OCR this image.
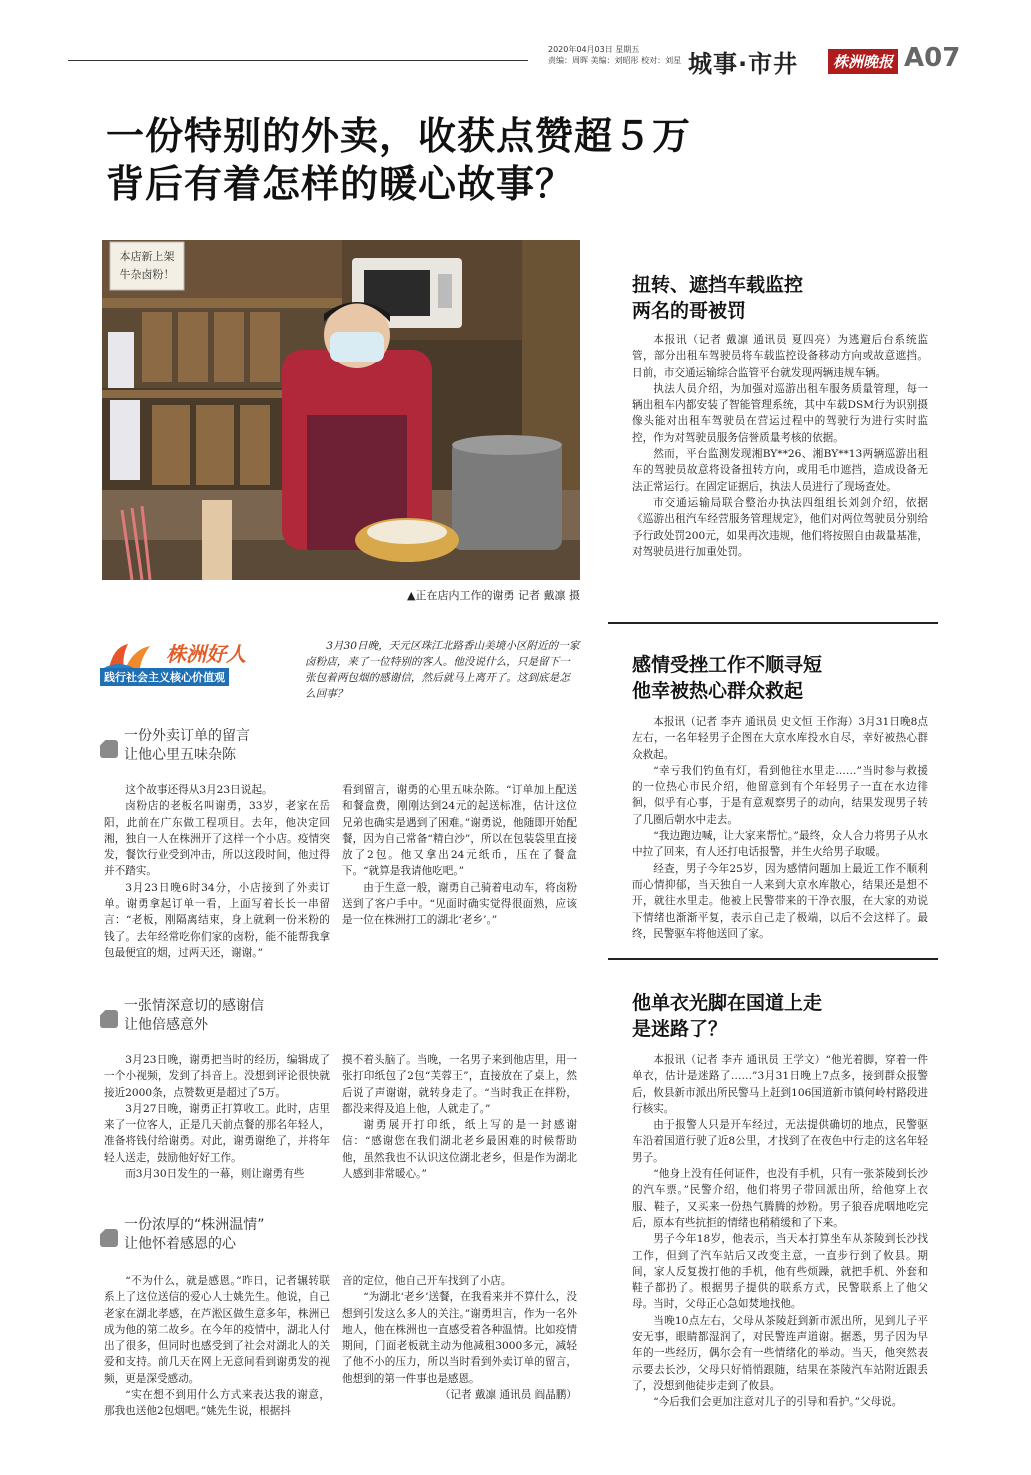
2020年04月03日 星期五
责编：周晖 美编：刘昭彤 校对：刘星 城事·市井	株洲晚报 A07
一份特别的外卖，收获点赞超５万
背后有着怎样的暖心故事？
本店新上架
牛杂卤粉！
▲正在店内工作的谢勇 记者 戴凛 摄
株洲好人
践行社会主义核心价值观

3月30日晚，天元区珠江北路香山美境小区附近的一家卤粉店，来了一位特别的客人。他没说什么，只是留下一张包着两包烟的感谢信，然后就马上离开了。这到底是怎么回事？

一份外卖订单的留言
让他心里五味杂陈

这个故事还得从3月23日说起。

卤粉店的老板名叫谢勇，33岁，老家在岳阳，此前在广东做工程项目。去年，他决定回湘，独自一人在株洲开了这样一个小店。疫情突发，餐饮行业受到冲击，所以这段时间，他过得并不踏实。

3月23日晚6时34分，小店接到了外卖订单。谢勇拿起订单一看，上面写着长长一串留言：“老板，刚隔离结束，身上就剩一份米粉的钱了。去年经常吃你们家的卤粉，能不能帮我拿包最便宜的烟，过两天还，谢谢。”

看到留言，谢勇的心里五味杂陈。“订单加上配送和餐盒费，刚刚达到24元的起送标准，估计这位兄弟也确实是遇到了困难。”谢勇说，他随即开始配餐，因为自己常备“精白沙”，所以在包装袋里直接放了2包。他又拿出24元纸币，压在了餐盒下。“就算是我请他吃吧。”

由于生意一般，谢勇自己骑着电动车，将卤粉送到了客户手中。“见面时确实觉得很面熟，应该是一位在株洲打工的湖北‘老乡’。”

一张情深意切的感谢信
让他倍感意外

3月23日晚，谢勇把当时的经历，编辑成了一个小视频，发到了抖音上。没想到评论很快就接近2000条，点赞数更是超过了5万。

3月27日晚，谢勇正打算收工。此时，店里来了一位客人，正是几天前点餐的那名年轻人，准备将钱付给谢勇。对此，谢勇谢绝了，并将年轻人送走，鼓励他好好工作。

而3月30日发生的一幕，则让谢勇有些

摸不着头脑了。当晚，一名男子来到他店里，用一张打印纸包了2包“芙蓉王”，直接放在了桌上，然后说了声谢谢，就转身走了。“当时我正在拌粉，都没来得及追上他，人就走了。”

谢勇展开打印纸，纸上写的是一封感谢信：“感谢您在我们湖北老乡最困难的时候帮助他，虽然我也不认识这位湖北老乡，但是作为湖北人感到非常暖心。”

一份浓厚的“株洲温情”
让他怀着感恩的心

“不为什么，就是感恩。”昨日，记者辗转联系上了这位送信的爱心人士姚先生。他说，自己老家在湖北孝感，在芦淞区做生意多年，株洲已成为他的第二故乡。在今年的疫情中，湖北人付出了很多，但同时也感受到了社会对湖北人的关爱和支持。前几天在网上无意间看到谢勇发的视频，更是深受感动。

“实在想不到用什么方式来表达我的谢意，那我也送他2包烟吧。”姚先生说，根据抖

音的定位，他自己开车找到了小店。

“为湖北‘老乡’送餐，在我看来并不算什么，没想到引发这么多人的关注。”谢勇坦言，作为一名外地人，他在株洲也一直感受着各种温情。比如疫情期间，门面老板就主动为他减租3000多元，减轻了他不小的压力，所以当时看到外卖订单的留言，他想到的第一件事也是感恩。

（记者 戴凛 通讯员 阎晶鹏）
扭转、遮挡车载监控
两名的哥被罚

本报讯（记者 戴凛 通讯员 夏四亮）为逃避后台系统监管，部分出租车驾驶员将车载监控设备移动方向或故意遮挡。日前，市交通运输综合监管平台就发现两辆违规车辆。

执法人员介绍，为加强对巡游出租车服务质量管理，每一辆出租车内都安装了智能管理系统，其中车载DSM行为识别摄像头能对出租车驾驶员在营运过程中的驾驶行为进行实时监控，作为对驾驶员服务信誉质量考核的依据。

然而，平台监测发现湘BY**26、湘BY**13两辆巡游出租车的驾驶员故意将设备扭转方向，或用毛巾遮挡，造成设备无法正常运行。在固定证据后，执法人员进行了现场查处。

市交通运输局联合整治办执法四组组长刘剑介绍，依据《巡游出租汽车经营服务管理规定》，他们对两位驾驶员分别给予行政处罚200元，如果再次违规，他们将按照自由裁量基准，对驾驶员进行加重处罚。

感情受挫工作不顺寻短
他幸被热心群众救起

本报讯（记者 李卉 通讯员 史文恒 王作海）3月31日晚8点左右，一名年轻男子企图在大京水库投水自尽，幸好被热心群众救起。

“幸亏我们钓鱼有灯，看到他往水里走……”当时参与救援的一位热心市民介绍，他留意到有个年轻男子一直在水边徘徊，似乎有心事，于是有意观察男子的动向，结果发现男子转了几圈后朝水中走去。

“我边跑边喊，让大家来帮忙。”最终，众人合力将男子从水中拉了回来，有人还打电话报警，并生火给男子取暖。

经查，男子今年25岁，因为感情问题加上最近工作不顺利而心情抑郁，当天独自一人来到大京水库散心，结果还是想不开，就往水里走。他被上民警带来的干净衣服，在大家的劝说下情绪也渐渐平复，表示自己走了极端，以后不会这样了。最终，民警驱车将他送回了家。

他单衣光脚在国道上走
是迷路了？

本报讯（记者 李卉 通讯员 王学文）“他光着脚，穿着一件单衣，估计是迷路了……”3月31日晚上7点多，接到群众报警后，攸县新市派出所民警马上赶到106国道新市镇何岭村路段进行核实。

由于报警人只是开车经过，无法提供确切的地点，民警驱车沿着国道行驶了近8公里，才找到了在夜色中行走的这名年轻男子。

“他身上没有任何证件，也没有手机，只有一张茶陵到长沙的汽车票。”民警介绍，他们将男子带回派出所，给他穿上衣服、鞋子，又买来一份热气腾腾的炒粉。男子狼吞虎咽地吃完后，原本有些抗拒的情绪也稍稍缓和了下来。

男子今年18岁，他表示，当天本打算坐车从茶陵到长沙找工作，但到了汽车站后又改变主意，一直步行到了攸县。期间，家人反复拨打他的手机，他有些烦躁，就把手机、外套和鞋子都扔了。根据男子提供的联系方式，民警联系上了他父母。当时，父母正心急如焚地找他。

当晚10点左右，父母从茶陵赶到新市派出所，见到儿子平安无事，眼睛都湿润了，对民警连声道谢。据悉，男子因为早年的一些经历，偶尔会有一些情绪化的举动。当天，他突然表示要去长沙，父母只好悄悄跟随，结果在茶陵汽车站附近跟丢了，没想到他徒步走到了攸县。

“今后我们会更加注意对儿子的引导和看护。”父母说。
